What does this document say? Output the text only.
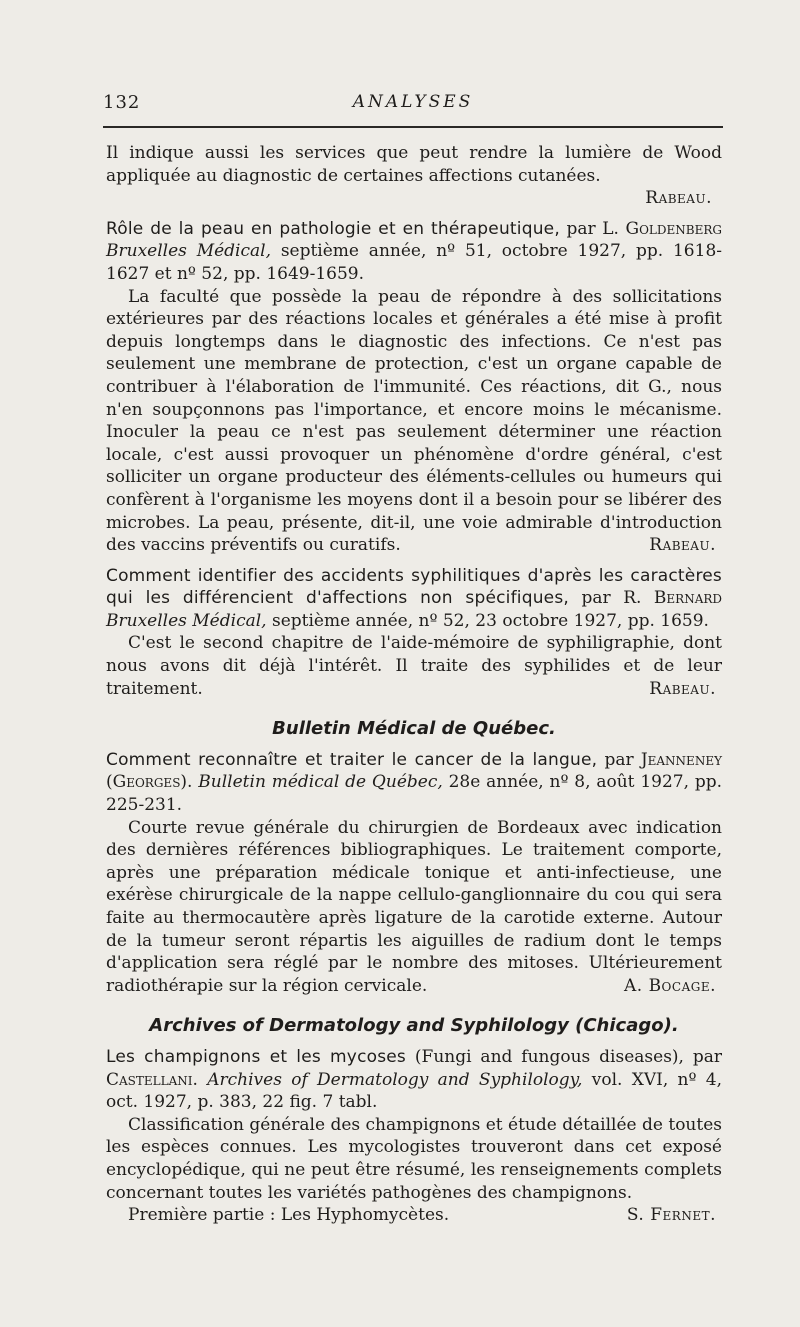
132	ANALYSES

Il indique aussi les services que peut rendre la lumière de Wood appliquée au diagnostic de certaines affections cutanées.

Rabeau.

Rôle de la peau en pathologie et en thérapeutique, par L. Goldenberg Bruxelles Médical, septième année, nº 51, octobre 1927, pp. 1618-1627 et nº 52, pp. 1649-1659.

La faculté que possède la peau de répondre à des sollicitations extérieures par des réactions locales et générales a été mise à profit depuis longtemps dans le diagnostic des infections. Ce n'est pas seulement une membrane de protection, c'est un organe capable de contribuer à l'élaboration de l'immunité. Ces réactions, dit G., nous n'en soupçonnons pas l'importance, et encore moins le mécanisme. Inoculer la peau ce n'est pas seulement déterminer une réaction locale, c'est aussi provoquer un phénomène d'ordre général, c'est solliciter un organe producteur des éléments-cellules ou humeurs qui confèrent à l'organisme les moyens dont il a besoin pour se libérer des microbes. La peau, présente, dit-il, une voie admirable d'introduction des vaccins préventifs ou curatifs.	Rabeau.

Comment identifier des accidents syphilitiques d'après les caractères qui les différencient d'affections non spécifiques, par R. Bernard Bruxelles Médical, septième année, nº 52, 23 octobre 1927, pp. 1659.

C'est le second chapitre de l'aide-mémoire de syphiligraphie, dont nous avons dit déjà l'intérêt. Il traite des syphilides et de leur traitement.	Rabeau.

Bulletin Médical de Québec.

Comment reconnaître et traiter le cancer de la langue, par Jeanneney (Georges). Bulletin médical de Québec, 28e année, nº 8, août 1927, pp. 225-231.

Courte revue générale du chirurgien de Bordeaux avec indication des dernières références bibliographiques. Le traitement comporte, après une préparation médicale tonique et anti-infectieuse, une exérèse chirurgicale de la nappe cellulo-ganglionnaire du cou qui sera faite au thermocautère après ligature de la carotide externe. Autour de la tumeur seront répartis les aiguilles de radium dont le temps d'application sera réglé par le nombre des mitoses. Ultérieurement radiothérapie sur la région cervicale.	A. Bocage.

Archives of Dermatology and Syphilology (Chicago).

Les champignons et les mycoses (Fungi and fungous diseases), par Castellani. Archives of Dermatology and Syphilology, vol. XVI, nº 4, oct. 1927, p. 383, 22 fig. 7 tabl.

Classification générale des champignons et étude détaillée de toutes les espèces connues. Les mycologistes trouveront dans cet exposé encyclopédique, qui ne peut être résumé, les renseignements complets concernant toutes les variétés pathogènes des champignons.

Première partie : Les Hyphomycètes.	S. Fernet.
